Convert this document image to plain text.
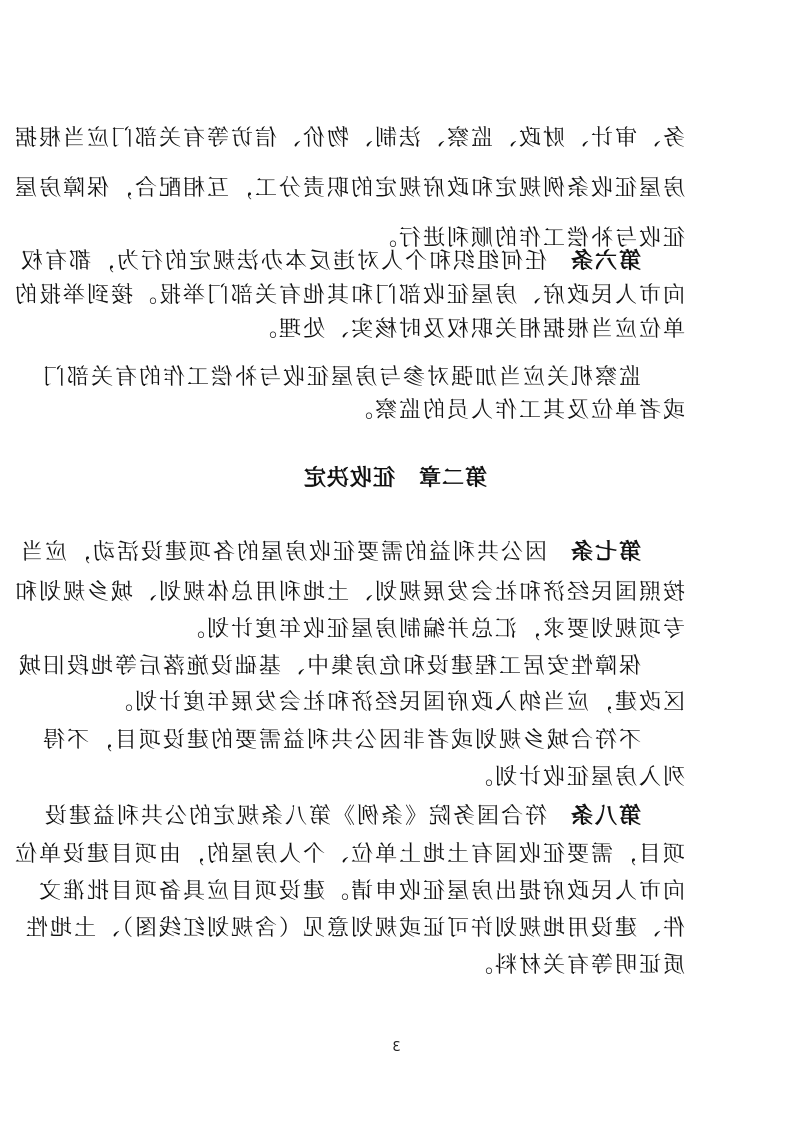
务、审计、财政、监察、法制、物价、信访等有关部门应当根据
房屋征收条例规定和政府规定的职责分工，互相配合，保障房屋
征收与补偿工作的顺利进行。
第六条任何组织和个人对违反本办法规定的行为，都有权
向市人民政府、房屋征收部门和其他有关部门举报。接到举报的
单位应当根据相关职权及时核实、处理。
监察机关应当加强对参与房屋征收与补偿工作的有关部门
或者单位及其工作人员的监察。
第二章　征收决定
第七条因公共利益的需要征收房屋的各项建设活动，应当
按照国民经济和社会发展规划、土地利用总体规划、城乡规划和
专项规划要求，汇总并编制房屋征收年度计划。
保障性安居工程建设和危房集中、基础设施落后等地段旧城
区改建，应当纳入政府国民经济和社会发展年度计划。
不符合城乡规划或者非因公共利益需要的建设项目，不得
列入房屋征收计划。
第八条符合国务院《条例》第八条规定的公共利益建设
项目，需要征收国有土地上单位、个人房屋的，由项目建设单位
向市人民政府提出房屋征收申请。建设项目应具备项目批准文
件、建设用地规划许可证或规划意见（含规划红线图）、土地性
质证明等有关材料。
3
